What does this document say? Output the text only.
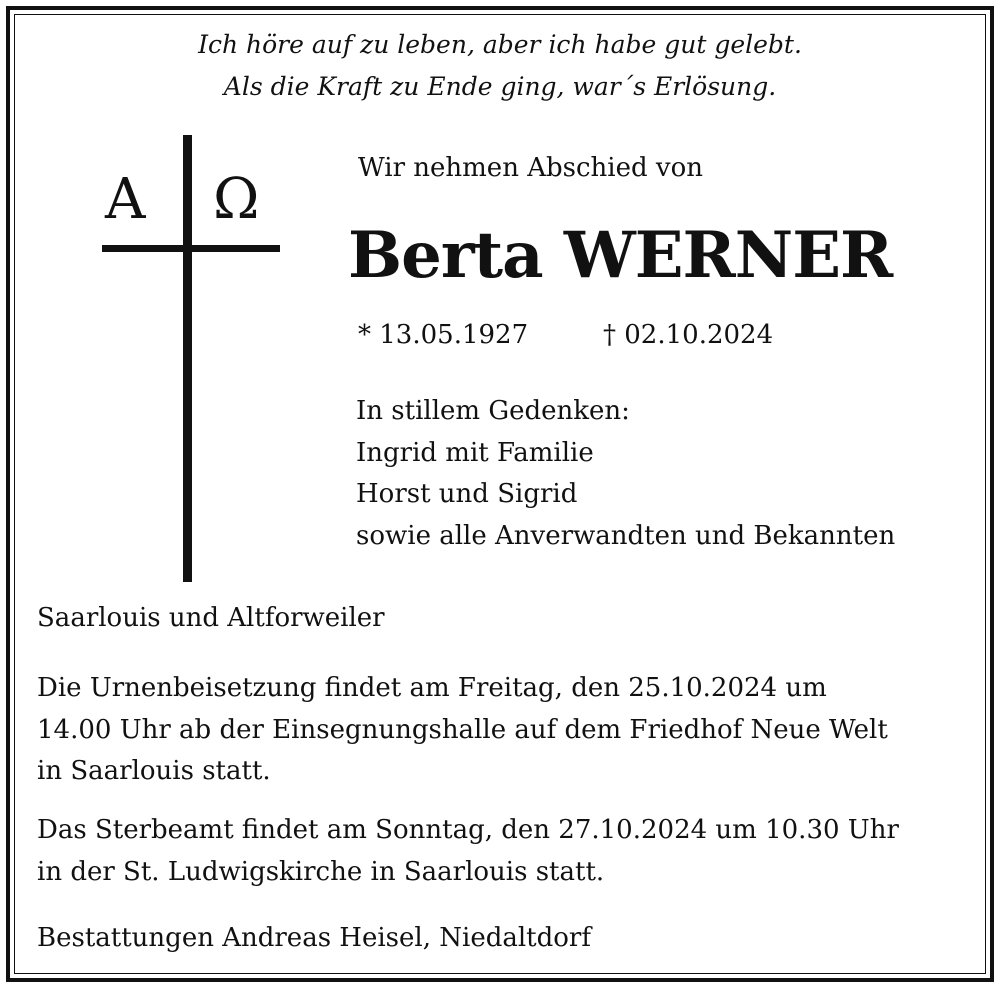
Ich höre auf zu leben, aber ich habe gut gelebt.
Als die Kraft zu Ende ging, war´s Erlösung.
A Ω	Wir nehmen Abschied von
Berta WERNER

* 13.05.1927

	† 02.10.2024

In stillem Gedenken:
Ingrid mit Familie
Horst und Sigrid
sowie alle Anverwandten und Bekannten
Saarlouis und Altforweiler
Die Urnenbeisetzung findet am Freitag, den 25.10.2024 um
14.00 Uhr ab der Einsegnungshalle auf dem Friedhof Neue Welt
in Saarlouis statt.
Das Sterbeamt findet am Sonntag, den 27.10.2024 um 10.30 Uhr
in der St. Ludwigskirche in Saarlouis statt.
Bestattungen Andreas Heisel, Niedaltdorf
